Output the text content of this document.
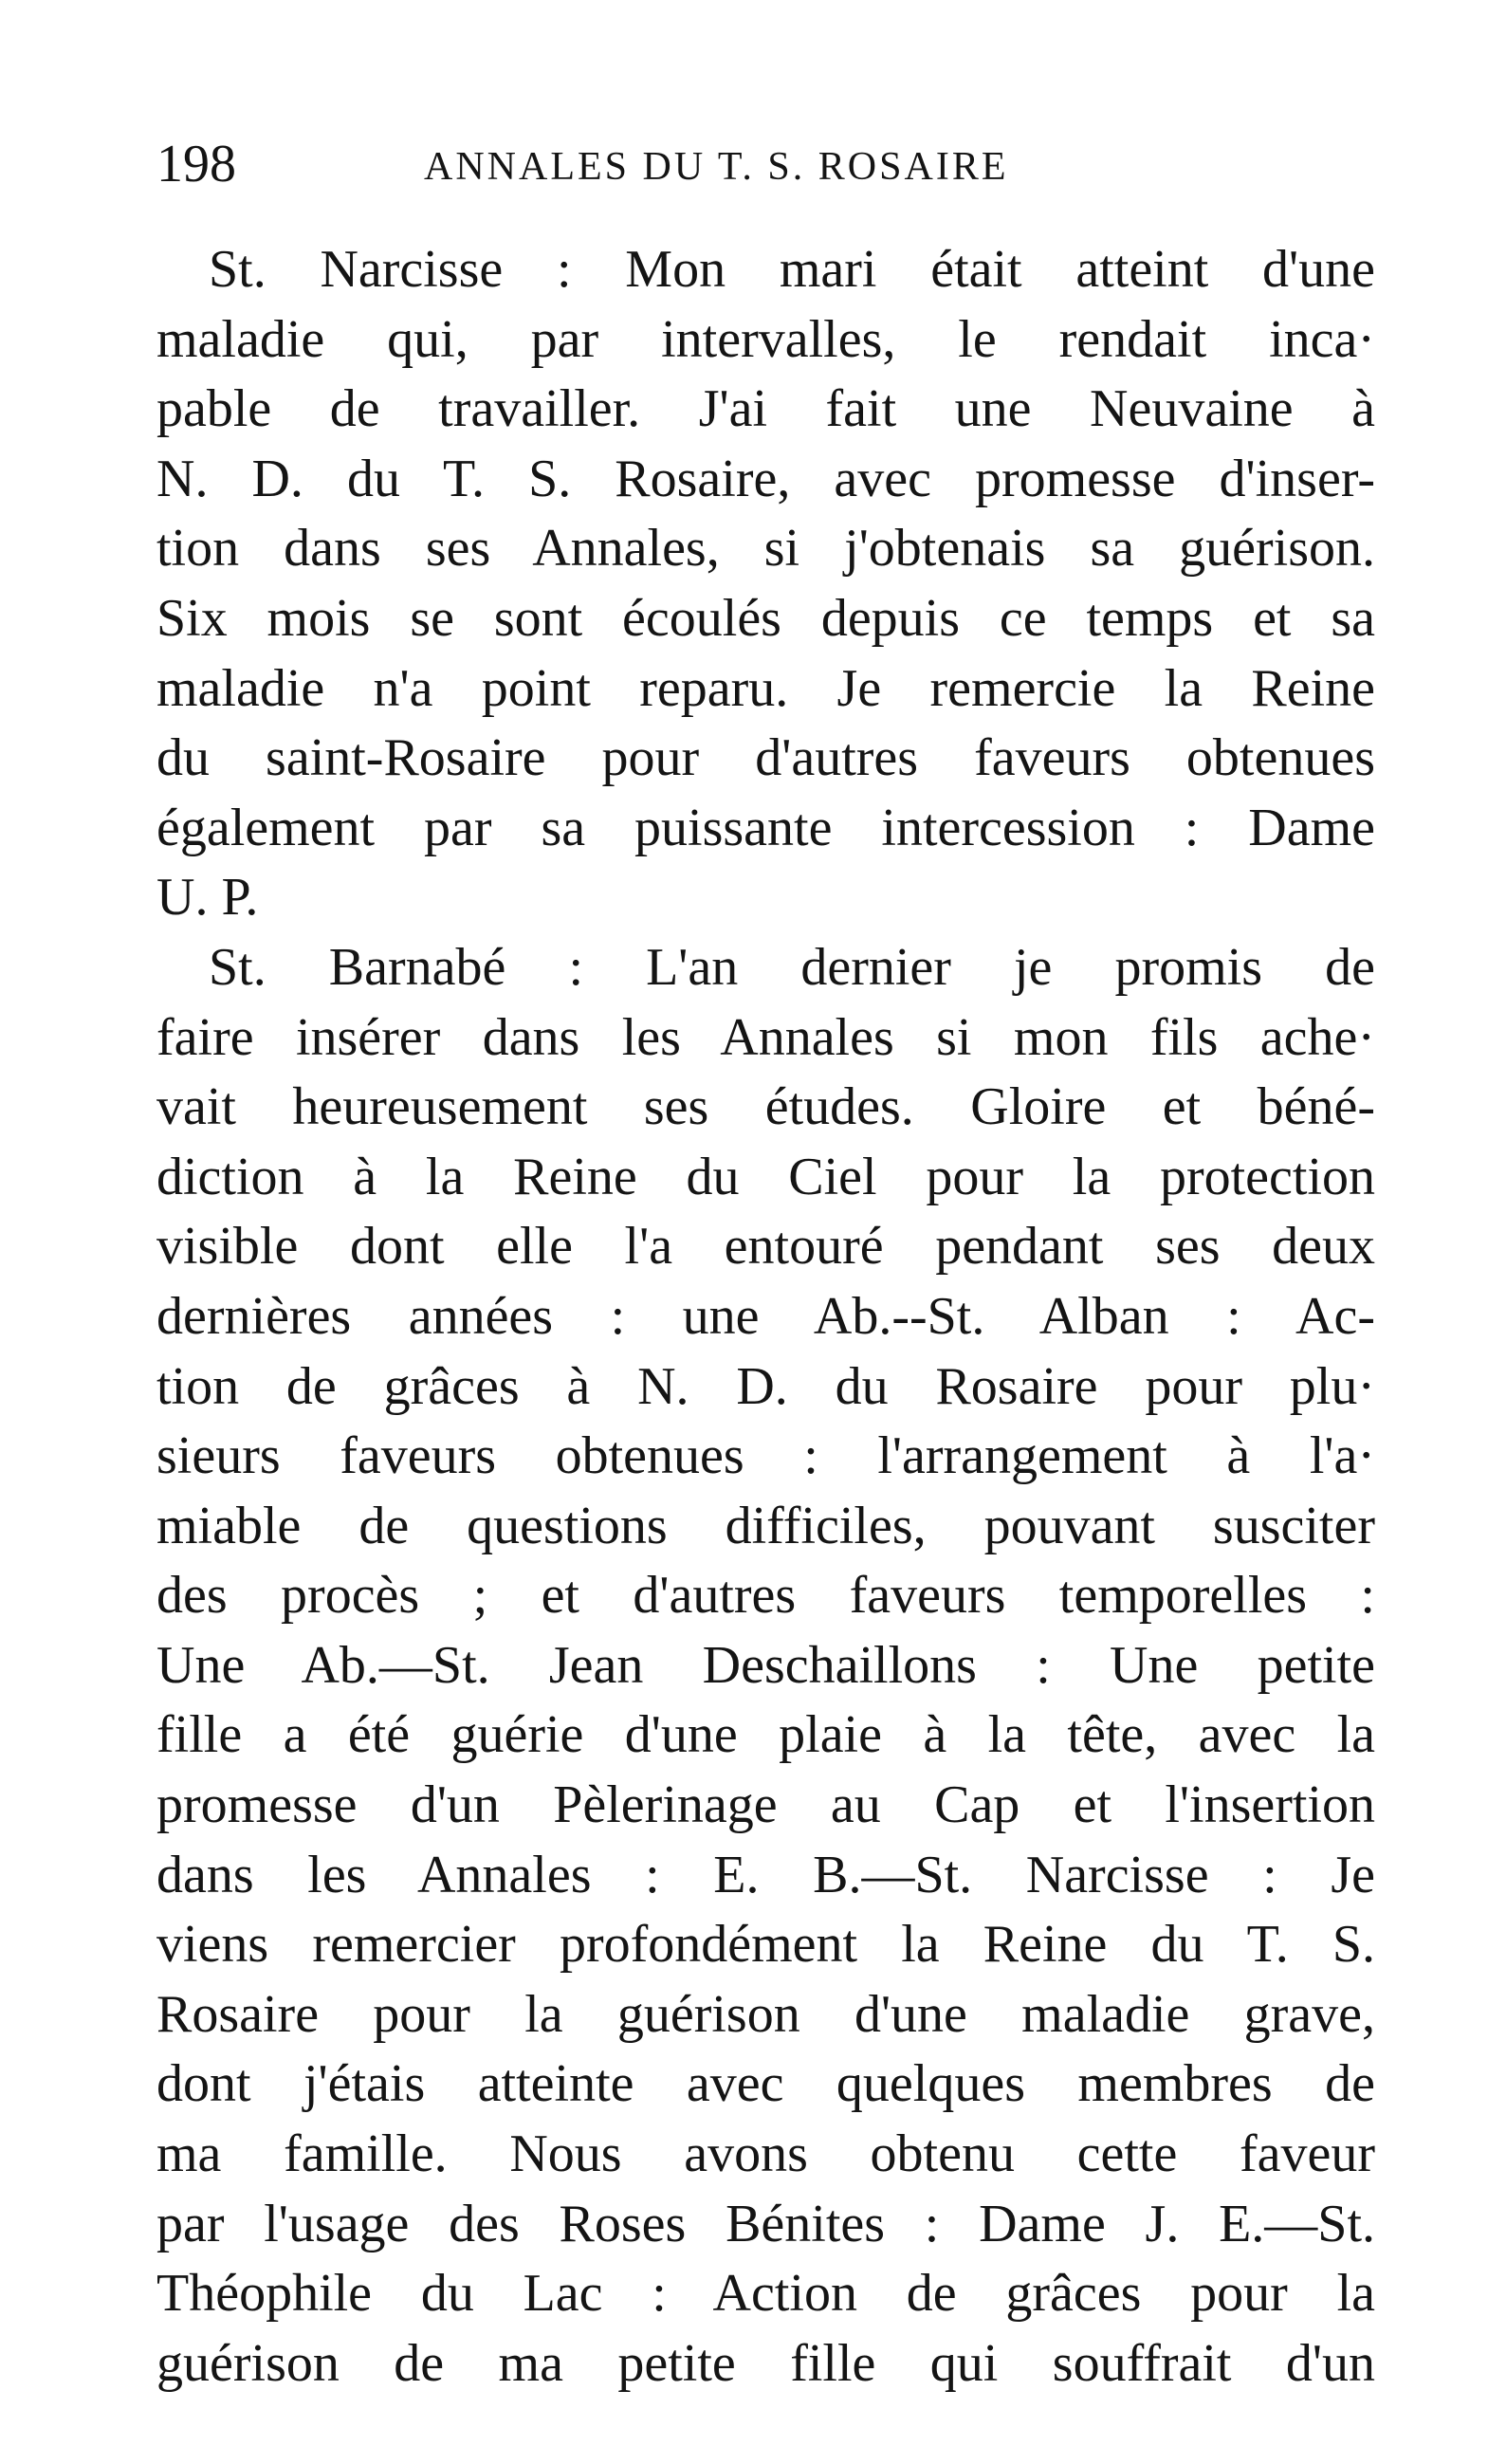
198	ANNALES DU T. S. ROSAIRE
St. Narcisse : Mon mari était atteint d'une
maladie qui, par intervalles, le rendait inca·
pable de travailler. J'ai fait une Neuvaine à
N. D. du T. S. Rosaire, avec promesse d'inser-
tion dans ses Annales, si j'obtenais sa guérison.
Six mois se sont écoulés depuis ce temps et sa
maladie n'a point reparu. Je remercie la Reine
du saint-Rosaire pour d'autres faveurs obtenues
également par sa puissante intercession : Dame
U. P.
St. Barnabé : L'an dernier je promis de
faire insérer dans les Annales si mon fils ache·
vait heureusement ses études. Gloire et béné-
diction à la Reine du Ciel pour la protection
visible dont elle l'a entouré pendant ses deux
dernières années : une Ab.--St. Alban : Ac-
tion de grâces à N. D. du Rosaire pour plu·
sieurs faveurs obtenues : l'arrangement à l'a·
miable de questions difficiles, pouvant susciter
des procès ; et d'autres faveurs temporelles :
Une Ab.—St. Jean Deschaillons : Une petite
fille a été guérie d'une plaie à la tête, avec la
promesse d'un Pèlerinage au Cap et l'insertion
dans les Annales : E. B.—St. Narcisse : Je
viens remercier profondément la Reine du T. S.
Rosaire pour la guérison d'une maladie grave,
dont j'étais atteinte avec quelques membres de
ma famille. Nous avons obtenu cette faveur
par l'usage des Roses Bénites : Dame J. E.—St.
Théophile du Lac : Action de grâces pour la
guérison de ma petite fille qui souffrait d'un
